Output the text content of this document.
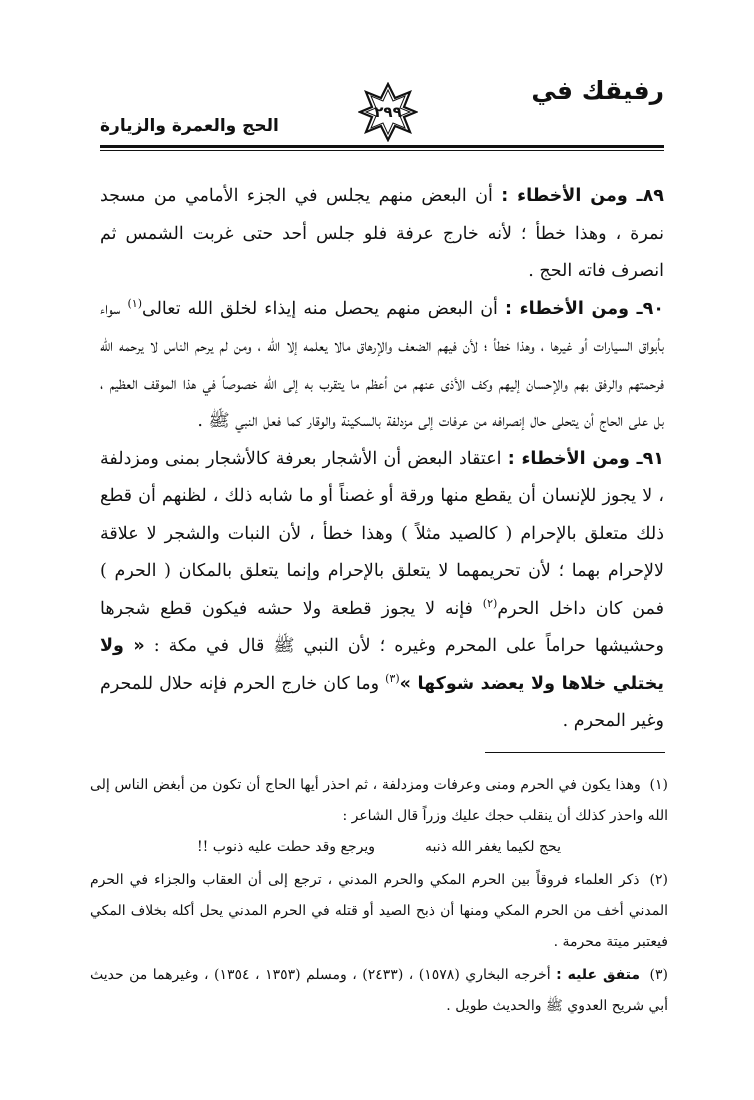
رفيقك في
٢٩٩
الحج والعمرة والزيارة

٨٩ـ ومن الأخطاء : أن البعض منهم يجلس في الجزء الأمامي من مسجد نمرة ، وهذا خطأ ؛ لأنه خارج عرفة فلو جلس أحد حتى غربت الشمس ثم انصرف فاته الحج .

٩٠ـ ومن الأخطاء : أن البعض منهم يحصل منه إيذاء لخلق الله تعالى$^{(١)}$ سواء بأبواق السيارات أو غيرها ، وهذا خطأ ؛ لأن فيهم الضعف والإرهاق مالا يعلمه إلا الله ، ومن لم يرحم الناس لا يرحمه الله فرحمتهم والرفق بهم والإحسان إليهم وكف الأذى عنهم من أعظم ما يتقرب به إلى الله خصوصاً في هذا الموقف العظيم ، بل على الحاج أن يتحلى حال إنصرافه من عرفات إلى مزدلفة بالسكينة والوقار كما فعل النبي ﷺ .

٩١ـ ومن الأخطاء : اعتقاد البعض أن الأشجار بعرفة كالأشجار بمنى ومزدلفة ، لا يجوز للإنسان أن يقطع منها ورقة أو غصناً أو ما شابه ذلك ، لظنهم أن قطع ذلك متعلق بالإحرام ( كالصيد مثلاً ) وهذا خطأ ، لأن النبات والشجر لا علاقة لالإحرام بهما ؛ لأن تحريمهما لا يتعلق بالإحرام وإنما يتعلق بالمكان ( الحرم ) فمن كان داخل الحرم$^{(٢)}$ فإنه لا يجوز قطعة ولا حشه فيكون قطع شجرها وحشيشها حراماً على المحرم وغيره ؛ لأن النبي ﷺ قال في مكة : « ولا يختلي خلاها ولا يعضد شوكها »$^{(٣)}$ وما كان خارج الحرم فإنه حلال للمحرم وغير المحرم .

(١) وهذا يكون في الحرم ومنى وعرفات ومزدلفة ، ثم احذر أيها الحاج أن تكون من أبغض الناس إلى الله واحذر كذلك أن ينقلب حجك عليك وزراً قال الشاعر :
يحج لكيما يغفر الله ذنبه
ويرجع وقد حطت عليه ذنوب !!
(٢) ذكر العلماء فروقاً بين الحرم المكي والحرم المدني ، ترجع إلى أن العقاب والجزاء في الحرم المدني أخف من الحرم المكي ومنها أن ذبح الصيد أو قتله في الحرم المدني يحل أكله بخلاف المكي فيعتبر ميتة محرمة .
(٣) متفق عليه : أخرجه البخاري (١٥٧٨) ، (٢٤٣٣) ، ومسلم (١٣٥٣ ، ١٣٥٤) ، وغيرهما من حديث أبي شريح العدوي ﷺ والحديث طويل .
